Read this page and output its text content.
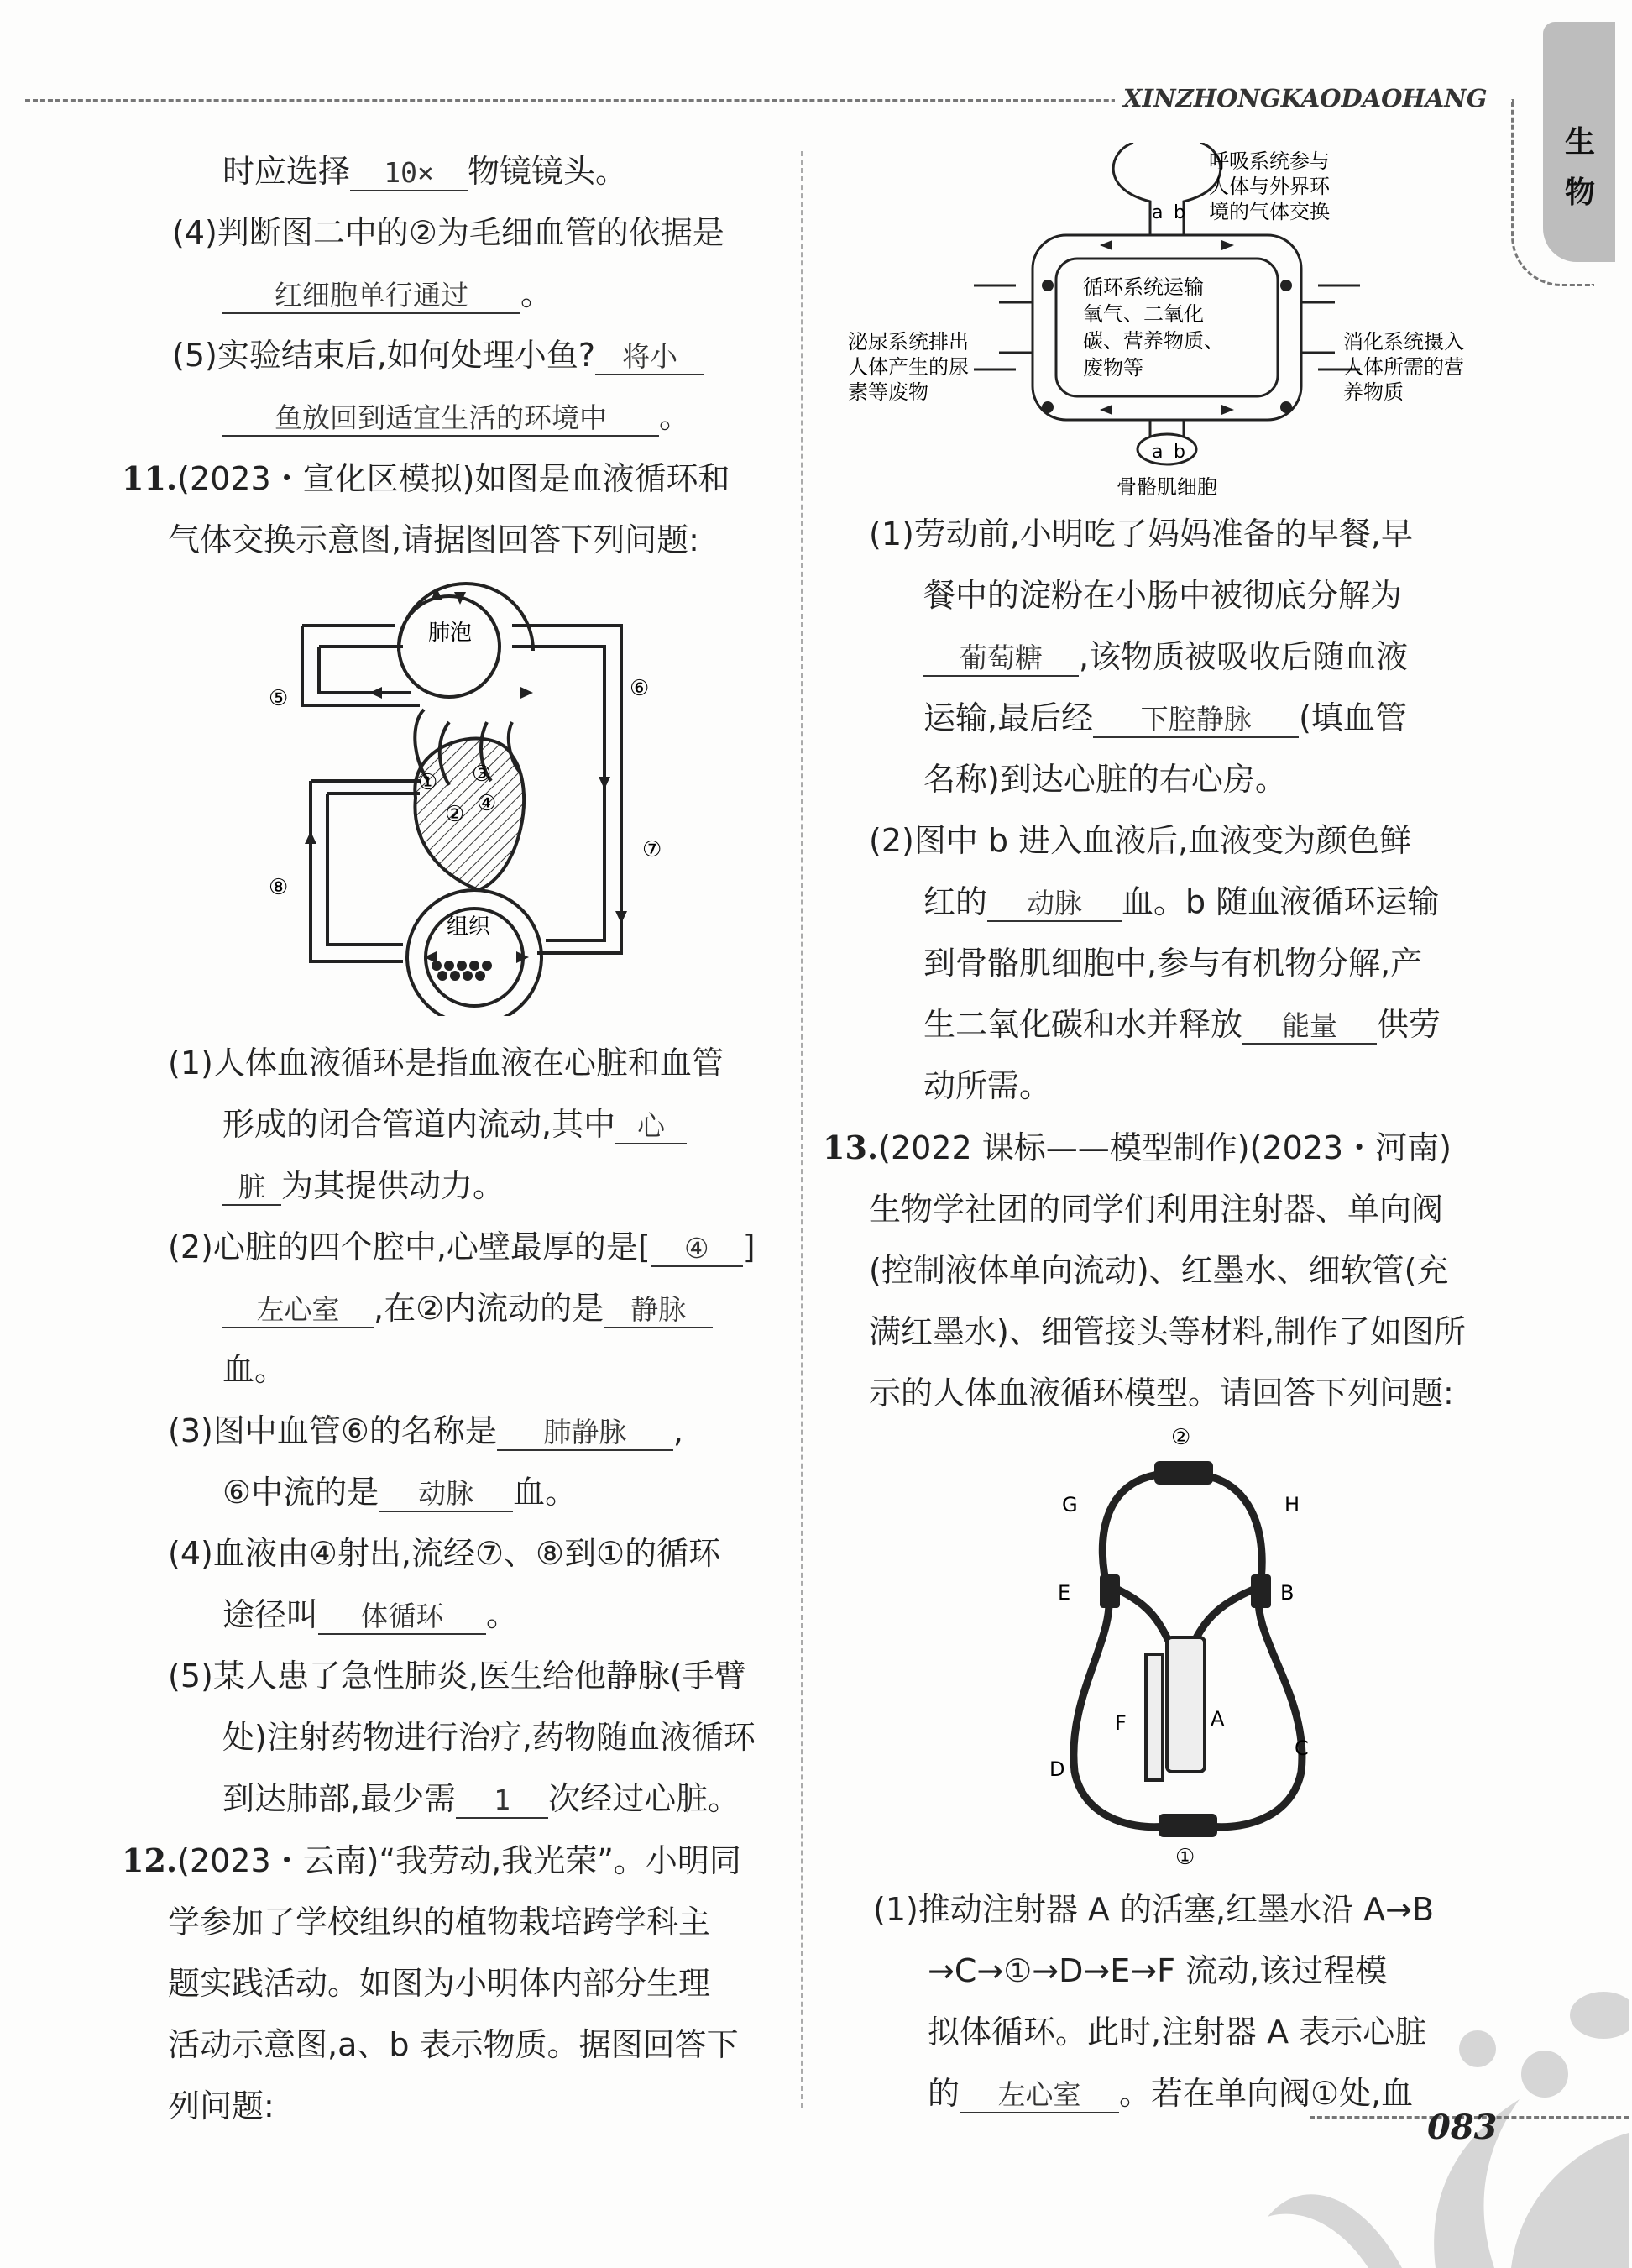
XINZHONGKAODAOHANG
生
物

时应选择 10× 物镜镜头。

(4)判断图二中的②为毛细血管的依据是

红细胞单行通过 。

(5)实验结束后,如何处理小鱼? 将小

鱼放回到适宜生活的环境中 。

11.(2023・宣化区模拟)如图是血液循环和

气体交换示意图,请据图回答下列问题:

肺泡
组织
①
②
③
④
⑤	⑥
⑦
⑧

(1)人体血液循环是指血液在心脏和血管

形成的闭合管道内流动,其中 心

脏 为其提供动力。

(2)心脏的四个腔中,心壁最厚的是[ ④ ]

左心室 ,在②内流动的是 静脉

血。

(3)图中血管⑥的名称是 肺静脉 ,

⑥中流的是 动脉 血。

(4)血液由④射出,流经⑦、⑧到①的循环

途径叫 体循环 。

(5)某人患了急性肺炎,医生给他静脉(手臂

处)注射药物进行治疗,药物随血液循环

到达肺部,最少需 1 次经过心脏。

12.(2023・云南)“我劳动,我光荣”。小明同

学参加了学校组织的植物栽培跨学科主

题实践活动。如图为小明体内部分生理

活动示意图,a、b 表示物质。据图回答下

列问题:

a b
a b
呼吸系统参与 人体与外界环 境的气体交换
循环系统运输 氧气、二氧化 碳、营养物质、 废物等
泌尿系统排出 人体产生的尿 素等废物
消化系统摄入 人体所需的营 养物质
骨骼肌细胞

(1)劳动前,小明吃了妈妈准备的早餐,早

餐中的淀粉在小肠中被彻底分解为

葡萄糖 ,该物质被吸收后随血液

运输,最后经 下腔静脉 (填血管

名称)到达心脏的右心房。

(2)图中 b 进入血液后,血液变为颜色鲜

红的 动脉 血。b 随血液循环运输

到骨骼肌细胞中,参与有机物分解,产

生二氧化碳和水并释放 能量 供劳

动所需。

13.(2022 课标——模型制作)(2023・河南)

生物学社团的同学们利用注射器、单向阀

(控制液体单向流动)、红墨水、细软管(充

满红墨水)、细管接头等材料,制作了如图所

示的人体血液循环模型。请回答下列问题:

②
G	H
E	B
F	A
D
C
①

(1)推动注射器 A 的活塞,红墨水沿 A→B

→C→①→D→E→F 流动,该过程模

拟体循环。此时,注射器 A 表示心脏

的 左心室 。若在单向阀①处,血

083
